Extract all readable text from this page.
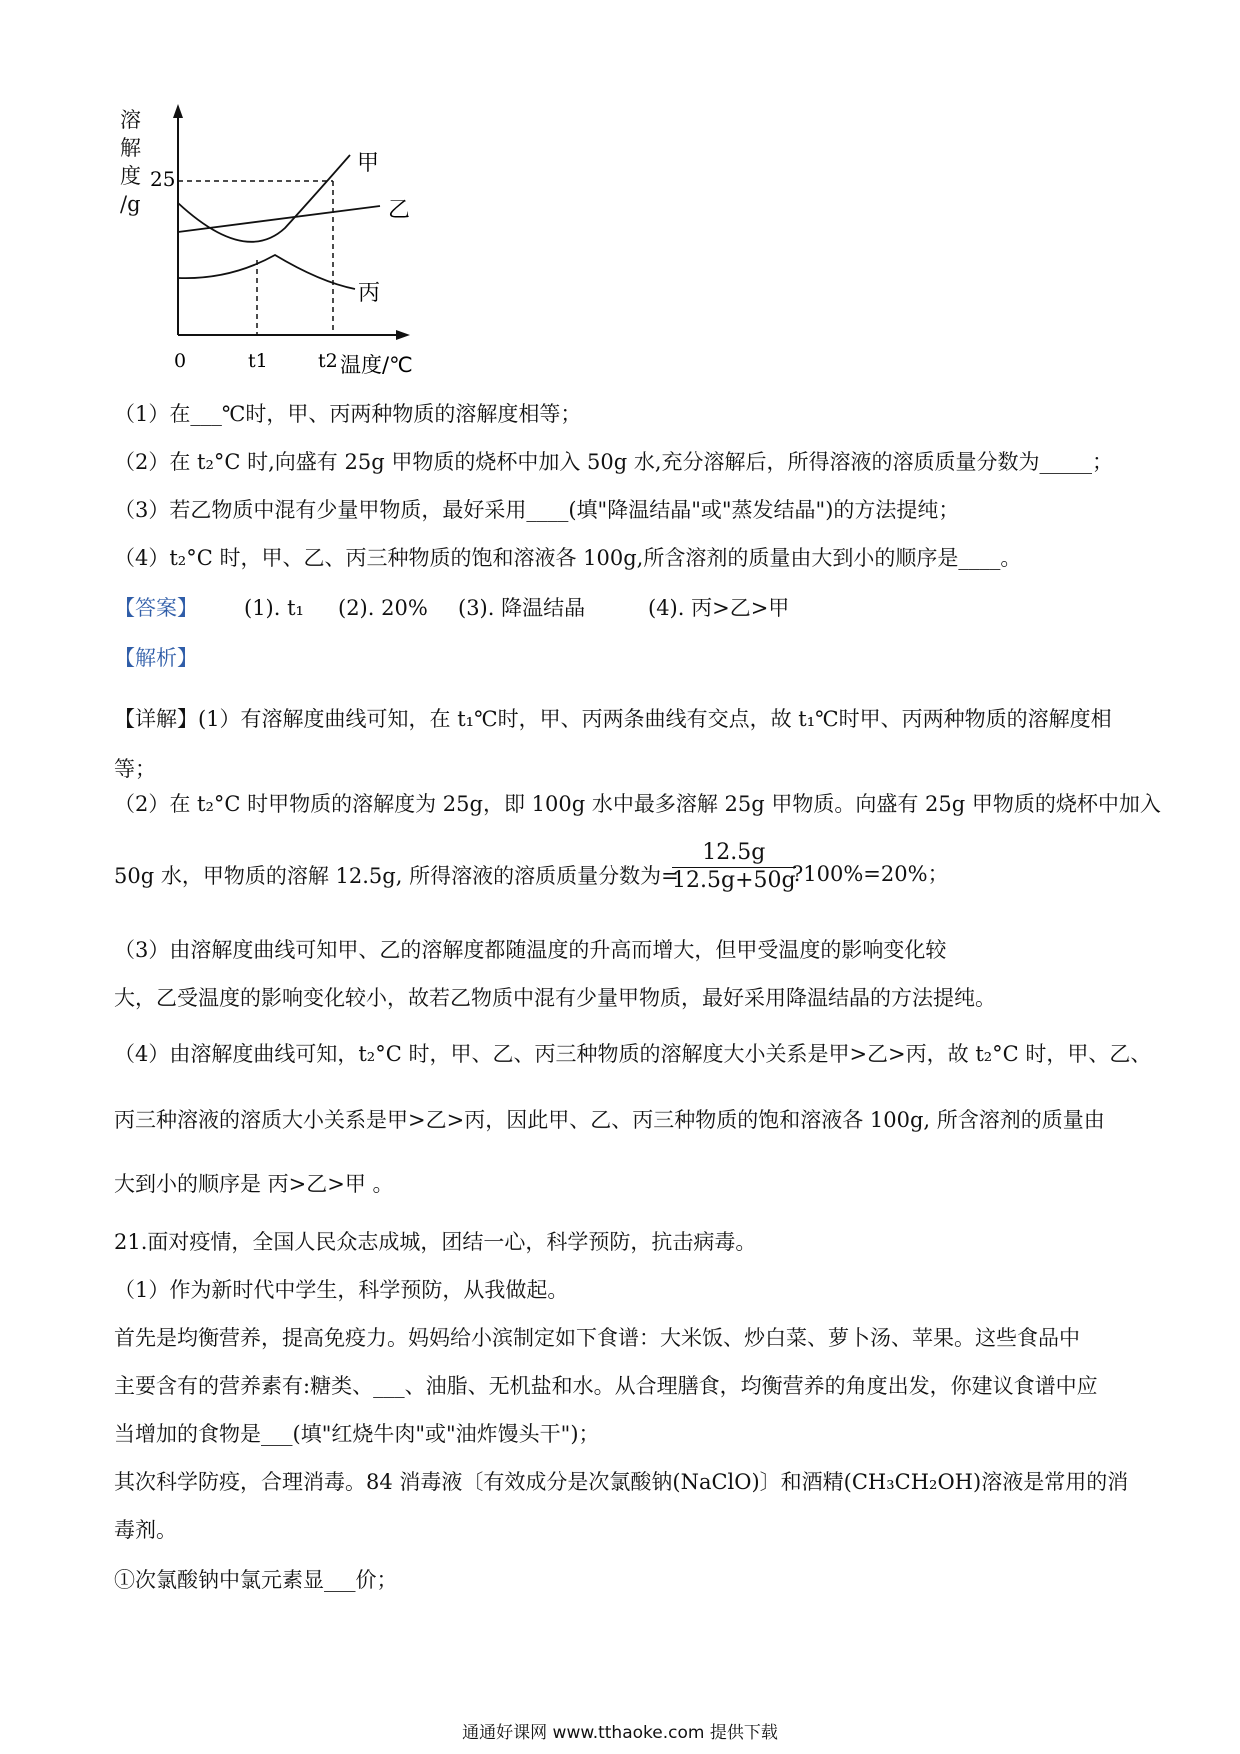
溶
解
度
/g
25
0	t1	t2 温度/℃
甲
乙
丙
（1）在___℃时，甲、丙两种物质的溶解度相等；
（2）在 t₂°C 时,向盛有 25g 甲物质的烧杯中加入 50g 水,充分溶解后，所得溶液的溶质质量分数为_____；
（3）若乙物质中混有少量甲物质，最好采用____(填"降温结晶"或"蒸发结晶")的方法提纯；
（4）t₂°C 时，甲、乙、丙三种物质的饱和溶液各 100g,所含溶剂的质量由大到小的顺序是____。
【答案】 (1). t₁ (2). 20% (3). 降温结晶	(4). 丙>乙>甲
【解析】
【详解】(1）有溶解度曲线可知，在 t₁℃时，甲、丙两条曲线有交点，故 t₁℃时甲、丙两种物质的溶解度相等；
（2）在 t₂°C 时甲物质的溶解度为 25g，即 100g 水中最多溶解 25g 甲物质。向盛有 25g 甲物质的烧杯中加入
50g 水，甲物质的溶解 12.5g, 所得溶液的溶质质量分数为=
$\frac{12.5g}{12.5g+50g}$
?100%=20%；
（3）由溶解度曲线可知甲、乙的溶解度都随温度的升高而增大，但甲受温度的影响变化较
大，乙受温度的影响变化较小，故若乙物质中混有少量甲物质，最好采用降温结晶的方法提纯。
（4）由溶解度曲线可知，t₂°C 时，甲、乙、丙三种物质的溶解度大小关系是甲>乙>丙，故 t₂°C 时，甲、乙、
丙三种溶液的溶质大小关系是甲>乙>丙，因此甲、乙、丙三种物质的饱和溶液各 100g, 所含溶剂的质量由
大到小的顺序是 丙>乙>甲 。
21.面对疫情，全国人民众志成城，团结一心，科学预防，抗击病毒。
（1）作为新时代中学生，科学预防，从我做起。
首先是均衡营养，提高免疫力。妈妈给小滨制定如下食谱：大米饭、炒白菜、萝卜汤、苹果。这些食品中
主要含有的营养素有:糖类、___、油脂、无机盐和水。从合理膳食，均衡营养的角度出发，你建议食谱中应
当增加的食物是___(填"红烧牛肉"或"油炸馒头干")；
其次科学防疫，合理消毒。84 消毒液〔有效成分是次氯酸钠(NaClO)〕和酒精(CH₃CH₂OH)溶液是常用的消
毒剂。
①次氯酸钠中氯元素显___价；
通通好课网 www.tthaoke.com 提供下载
